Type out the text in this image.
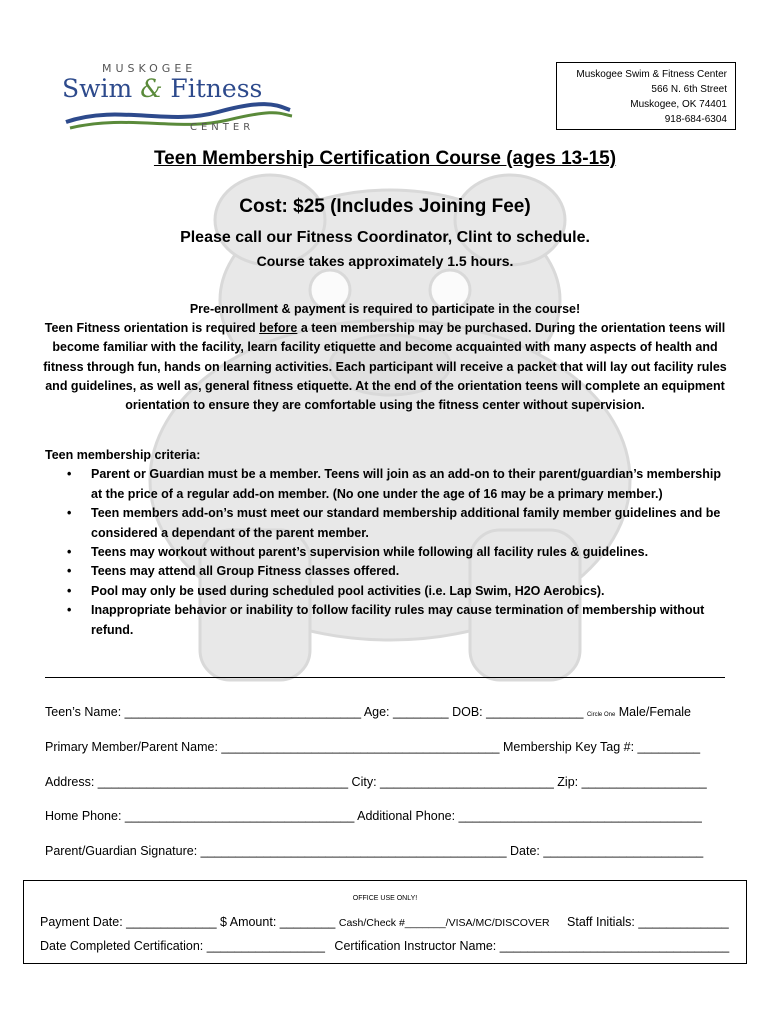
MUSKOGEE
Swim & Fitness
CENTER
Muskogee Swim & Fitness Center
566 N. 6th Street
Muskogee, OK 74401
918-684-6304
Teen Membership Certification Course (ages 13-15)
Cost: $25 (Includes Joining Fee)
Please call our Fitness Coordinator, Clint to schedule.
Course takes approximately 1.5 hours.
Pre-enrollment & payment is required to participate in the course!
Teen Fitness orientation is required before a teen membership may be purchased. During the orientation teens will become familiar with the facility, learn facility etiquette and become acquainted with many aspects of health and fitness through fun, hands on learning activities. Each participant will receive a packet that will lay out facility rules and guidelines, as well as, general fitness etiquette. At the end of the orientation teens will complete an equipment orientation to ensure they are comfortable using the fitness center without supervision.
Teen membership criteria:
• Parent or Guardian must be a member. Teens will join as an add-on to their parent/guardian’s membership at the price of a regular add-on member. (No one under the age of 16 may be a primary member.)
• Teen members add-on’s must meet our standard membership additional family member guidelines and be considered a dependant of the parent member.
• Teens may workout without parent’s supervision while following all facility rules & guidelines.
• Teens may attend all Group Fitness classes offered.
• Pool may only be used during scheduled pool activities (i.e. Lap Swim, H2O Aerobics).
• Inappropriate behavior or inability to follow facility rules may cause termination of membership without refund.
Teen’s Name: __________________________________ Age: ________ DOB: ______________ Circle One Male/Female
Primary Member/Parent Name: ________________________________________ Membership Key Tag #: _________
Address: ____________________________________ City: _________________________ Zip: __________________
Home Phone: _________________________________ Additional Phone: ___________________________________
Parent/Guardian Signature: ____________________________________________ Date: _______________________
OFFICE USE ONLY!
Payment Date: _____________ $ Amount: ________ Cash/Check #_______/VISA/MC/DISCOVER Staff Initials: _____________
Date Completed Certification: _________________ Certification Instructor Name: _________________________________
